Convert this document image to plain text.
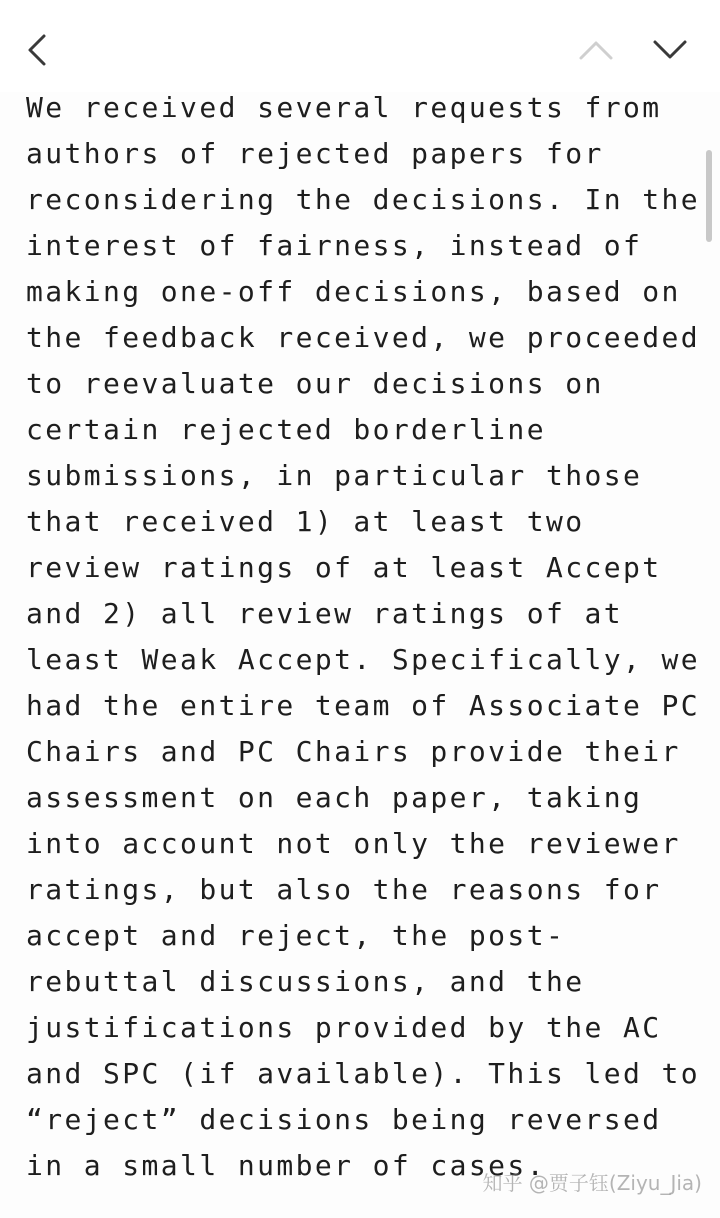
We received several requests from
authors of rejected papers for
reconsidering the decisions. In the
interest of fairness, instead of
making one-off decisions, based on
the feedback received, we proceeded
to reevaluate our decisions on
certain rejected borderline
submissions, in particular those
that received 1) at least two
review ratings of at least Accept
and 2) all review ratings of at
least Weak Accept. Specifically, we
had the entire team of Associate PC
Chairs and PC Chairs provide their
assessment on each paper, taking
into account not only the reviewer
ratings, but also the reasons for
accept and reject, the post-
rebuttal discussions, and the
justifications provided by the AC
and SPC (if available). This led to
“reject” decisions being reversed
in a small number of cases.
知乎 @贾子钰(Ziyu_Jia)
